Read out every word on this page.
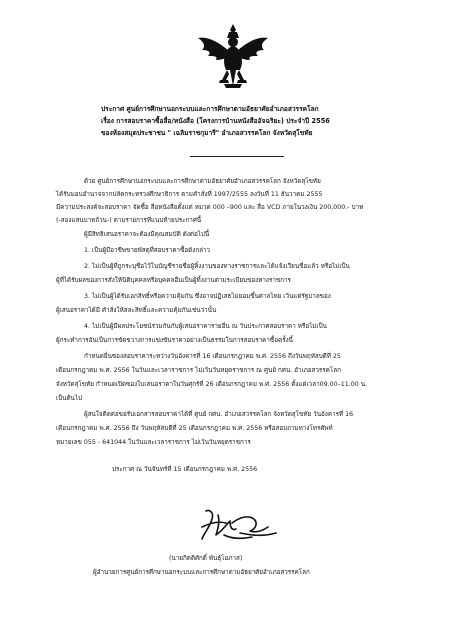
ประกาศ ศูนย์การศึกษานอกระบบและการศึกษาตามอัธยาศัยอำเภอสวรรคโลก
เรื่อง การสอบราคาซื้อสื่อ/หนังสือ (โครงการบ้านหนังสืออัจฉริยะ) ประจำปี 2556
ของห้องสมุดประชาชน " เฉลิมราชกุมารี" อำเภอสวรรคโลก จังหวัดสุโขทัย
ด้วย ศูนย์การศึกษานอกระบบและการศึกษาตามอัธยาศัยอำเภอสวรรคโลก จังหวัดสุโขทัย
ได้รับมอบอำนาจจากปลัดกระทรวงศึกษาธิการ ตามคำสั่งที่ 1997/2555 ลงวันที่ 11 ธันวาคม 2555
มีความประสงค์จะสอบราคา จัดซื้อ สื่อหนังสือตั้งแต่ หมวด 000 –900 และ สื่อ VCD ภายในวงเงิน 200,000.- บาท
(-สองแสนบาทถ้วน-) ตามรายการที่แนบท้ายประกาศนี้
ผู้มีสิทธิเสนอราคาจะต้องมีคุณสมบัติ ดังต่อไปนี้
1. เป็นผู้มีอาชีพขายพัสดุที่สอบราคาซื้อดังกล่าว
2. ไม่เป็นผู้ที่ถูกระบุชื่อไว้ในบัญชีรายชื่อผู้ทิ้งงานของทางราชการและได้แจ้งเวียนชื่อแล้ว หรือไม่เป็น
ผู้ที่ได้รับผลของการสั่งให้นิติบุคคลหรือบุคคลอื่นเป็นผู้ทิ้งงานตามระเบียบของทางราชการ
3. ไม่เป็นผู้ได้รับเอกสิทธิ์หรือความคุ้มกัน ซึ่งอาจปฏิเสธไม่ยอมขึ้นศาลไทย เว้นแต่รัฐบาลของ
ผู้เสนอราคาได้มี คำสั่งให้สละสิทธิ์และความคุ้มกันเช่นว่านั้น
4. ไม่เป็นผู้มีผลประโยชน์ร่วมกันกับผู้เสนอราคารายอื่น ณ วันประกาศสอบราคา หรือไม่เป็น
ผู้กระทำการอันเป็นการขัดขวางการแข่งขันราคาอย่างเป็นธรรมในการสอบราคาซื้อครั้งนี้
กำหนดยื่นซองสอบราคาระหว่างวันอังคารที่ 16 เดือนกรกฎาคม พ.ศ. 2556 ถึงวันพฤหัสบดีที่ 25
เดือนกรกฎาคม พ.ศ. 2556 ในวันและเวลาราชการ ไม่เว้นวันหยุดราชการ ณ ศูนย์ กศน. อำเภอสวรรคโลก
จังหวัดสุโขทัย กำหนดเปิดซองใบเสนอราคาในวันศุกร์ที่ 26 เดือนกรกฎาคม พ.ศ. 2556 ตั้งแต่เวลา09.00–11.00 น.
เป็นต้นไป
ผู้สนใจติดต่อขอรับเอกสารสอบราคาได้ที่ ศูนย์ กศน. อำเภอสวรรคโลก จังหวัดสุโขทัย วันอังคารที่ 16
เดือนกรกฎาคม พ.ศ. 2556 ถึง วันพฤหัสบดีที่ 25 เดือนกรกฎาคม พ.ศ. 2556 หรือสอบถามทางโทรศัพท์
หมายเลข 055 - 641044 ในวันและเวลาราชการ ไม่เว้นวันหยุดราชการ
ประกาศ ณ วันจันทร์ที่ 15 เดือนกรกฎาคม พ.ศ. 2556
(นายกิตติศักดิ์ พันธุ์โอภาส)
ผู้อำนวยการศูนย์การศึกษานอกระบบและการศึกษาตามอัธยาศัยอำเภอสวรรคโลก
